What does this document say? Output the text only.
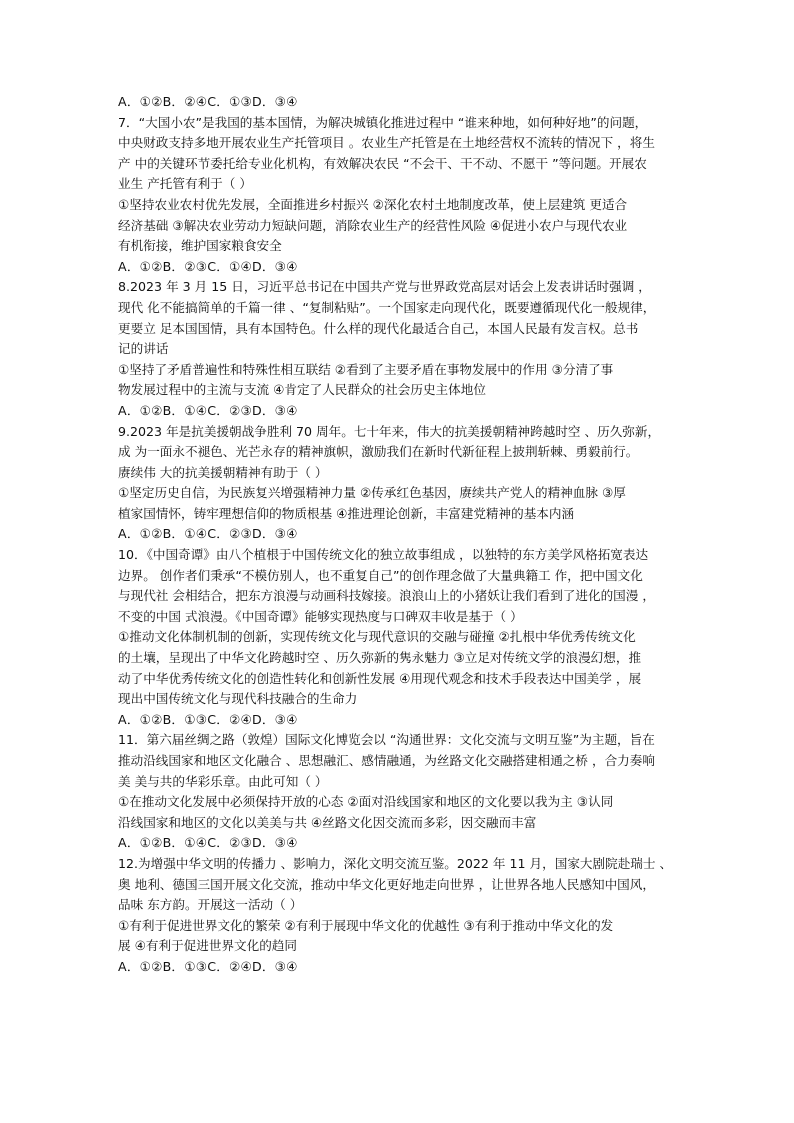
A．①②B．②④C．①③D．③④
7．“大国小农”是我国的基本国情，为解决城镇化推进过程中 “谁来种地，如何种好地”的问题，
中央财政支持多地开展农业生产托管项目 。农业生产托管是在土地经营权不流转的情况下 ，将生
产 中的关键环节委托给专业化机构，有效解决农民 “不会干、干不动、不愿干 ”等问题。开展农
业生 产托管有利于（ ）
①坚持农业农村优先发展，全面推进乡村振兴 ②深化农村土地制度改革，使上层建筑 更适合
经济基础 ③解决农业劳动力短缺问题，消除农业生产的经营性风险 ④促进小农户与现代农业
有机衔接，维护国家粮食安全
A．①②B．②③C．①④D．③④
8.2023 年 3 月 15 日，习近平总书记在中国共产党与世界政党高层对话会上发表讲话时强调 ，
现代 化不能搞简单的千篇一律 、“复制粘贴”。一个国家走向现代化，既要遵循现代化一般规律，
更要立 足本国国情，具有本国特色。什么样的现代化最适合自己，本国人民最有发言权。总书
记的讲话
①坚持了矛盾普遍性和特殊性相互联结 ②看到了主要矛盾在事物发展中的作用 ③分清了事
物发展过程中的主流与支流 ④肯定了人民群众的社会历史主体地位
A．①②B．①④C．②③D．③④
9.2023 年是抗美援朝战争胜利 70 周年。七十年来，伟大的抗美援朝精神跨越时空 、历久弥新，
成 为一面永不褪色、光芒永存的精神旗帜，激励我们在新时代新征程上披荆斩棘、勇毅前行。
赓续伟 大的抗美援朝精神有助于（ ）
①坚定历史自信，为民族复兴增强精神力量 ②传承红色基因，赓续共产党人的精神血脉 ③厚
植家国情怀，铸牢理想信仰的物质根基 ④推进理论创新，丰富建党精神的基本内涵
A．①②B．①④C．②③D．③④
10．《中国奇谭》由八个植根于中国传统文化的独立故事组成 ，以独特的东方美学风格拓宽表达
边界。 创作者们秉承“不模仿别人，也不重复自己”的创作理念做了大量典籍工 作，把中国文化
与现代社 会相结合，把东方浪漫与动画科技嫁接。浪浪山上的小猪妖让我们看到了进化的国漫 ，
不变的中国 式浪漫。《中国奇谭》能够实现热度与口碑双丰收是基于（ ）
①推动文化体制机制的创新，实现传统文化与现代意识的交融与碰撞 ②扎根中华优秀传统文化
的土壤，呈现出了中华文化跨越时空 、历久弥新的隽永魅力 ③立足对传统文学的浪漫幻想，推
动了中华优秀传统文化的创造性转化和创新性发展 ④用现代观念和技术手段表达中国美学 ，展
现出中国传统文化与现代科技融合的生命力
A．①②B．①③C．②④D．③④
11．第六届丝绸之路（敦煌）国际文化博览会以 “沟通世界：文化交流与文明互鉴”为主题，旨在
推动沿线国家和地区文化融合 、思想融汇、感情融通，为丝路文化交融搭建相通之桥 ，合力奏响
美 美与共的华彩乐章。由此可知（ ）
①在推动文化发展中必须保持开放的心态 ②面对沿线国家和地区的文化要以我为主 ③认同
沿线国家和地区的文化以美美与共 ④丝路文化因交流而多彩，因交融而丰富
A．①②B．①④C．②③D．③④
12.为增强中华文明的传播力 、影响力，深化文明交流互鉴。2022 年 11 月，国家大剧院赴瑞士 、
奥 地利、德国三国开展文化交流，推动中华文化更好地走向世界 ，让世界各地人民感知中国风，
品味 东方韵。开展这一活动（ ）
①有利于促进世界文化的繁荣 ②有利于展现中华文化的优越性 ③有利于推动中华文化的发
展 ④有利于促进世界文化的趋同
A．①②B．①③C．②④D．③④
